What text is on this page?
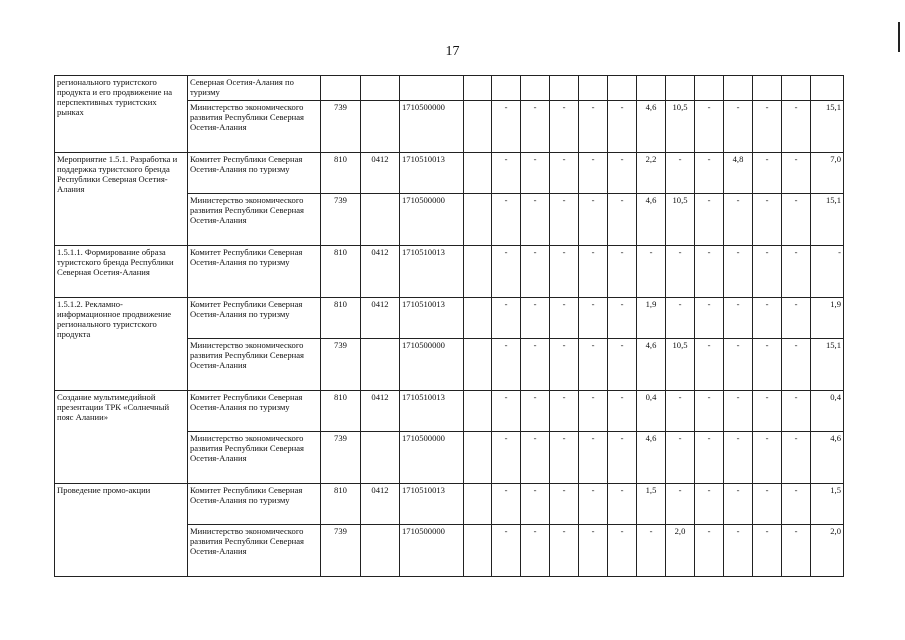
17
регионального туристского продукта и его продвижение на перспективных туристских рынках	Северная Осетия-Алания по туризму																
	Министерство экономического развития Республики Северная Осетия-Алания	739		1710500000		-	-	-	-	-	4,6	10,5	-	-	-	-	15,1
Мероприятие 1.5.1. Разработка и поддержка туристского бренда Республики Северная Осетия-Алания	Комитет Республики Северная Осетия-Алания по туризму	810	0412	1710510013		-	-	-	-	-	2,2	-	-	4,8	-	-	7,0
	Министерство экономического развития Республики Северная Осетия-Алания	739		1710500000		-	-	-	-	-	4,6	10,5	-	-	-	-	15,1
1.5.1.1. Формирование образа туристского бренда Республики Северная Осетия-Алания	Комитет Республики Северная Осетия-Алания по туризму	810	0412	1710510013		-	-	-	-	-	-	-	-	-	-	-	-
1.5.1.2. Рекламно-информационное продвижение регионального туристского продукта	Комитет Республики Северная Осетия-Алания по туризму	810	0412	1710510013		-	-	-	-	-	1,9	-	-	-	-	-	1,9
	Министерство экономического развития Республики Северная Осетия-Алания	739		1710500000		-	-	-	-	-	4,6	10,5	-	-	-	-	15,1
Создание мультимедийной презентации ТРК «Солнечный пояс Алании»	Комитет Республики Северная Осетия-Алания по туризму	810	0412	1710510013		-	-	-	-	-	0,4	-	-	-	-	-	0,4
	Министерство экономического развития Республики Северная Осетия-Алания	739		1710500000		-	-	-	-	-	4,6	-	-	-	-	-	4,6
Проведение промо-акции	Комитет Республики Северная Осетия-Алания по туризму	810	0412	1710510013		-	-	-	-	-	1,5	-	-	-	-	-	1,5
	Министерство экономического развития Республики Северная Осетия-Алания	739		1710500000		-	-	-	-	-	-	2,0	-	-	-	-	2,0
